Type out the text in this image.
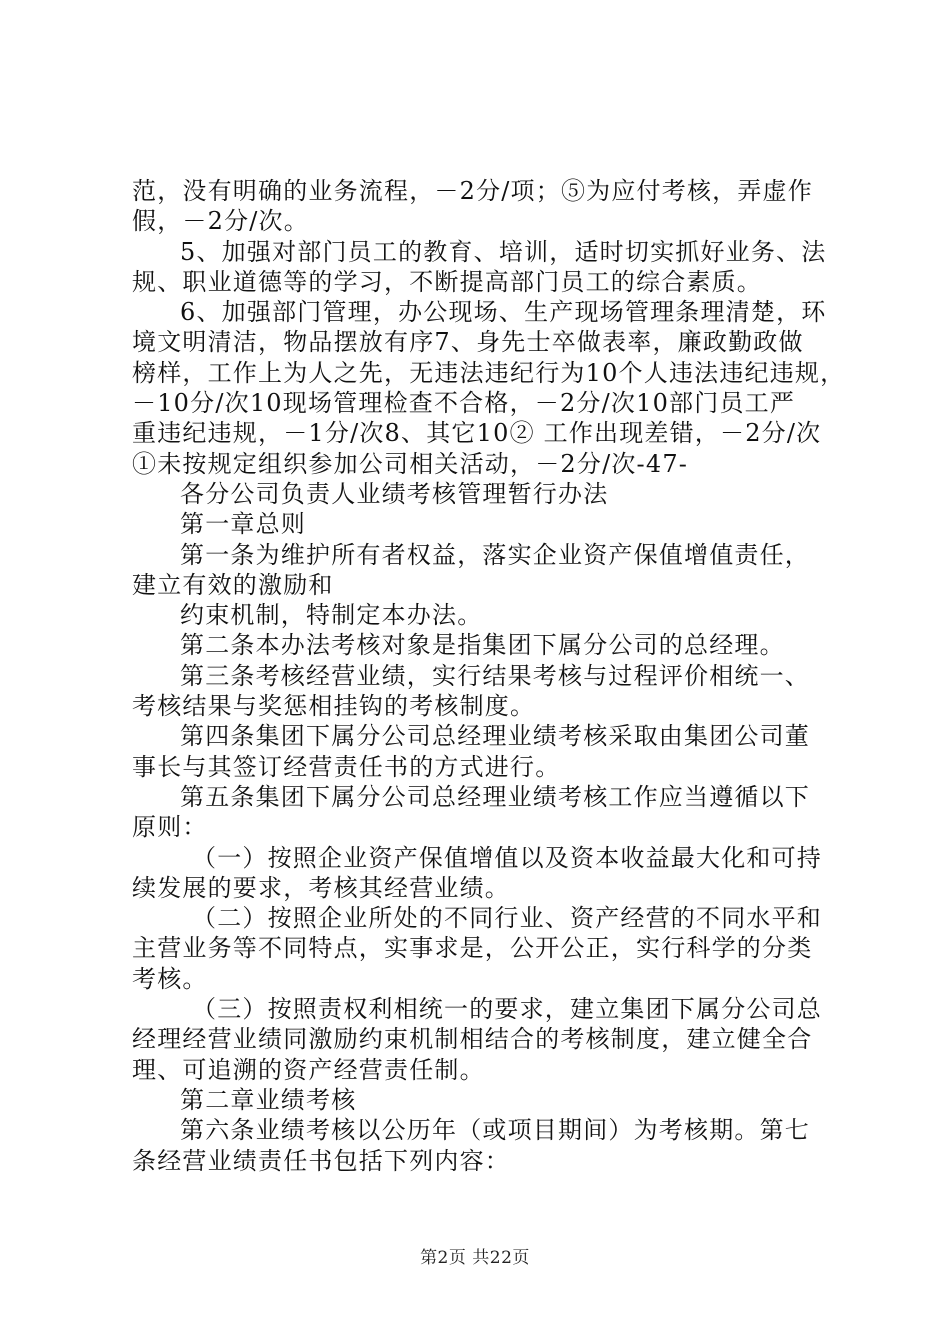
范，没有明确的业务流程，－2分/项；⑤为应付考核，弄虚作
假，－2分/次。
5、加强对部门员工的教育、培训，适时切实抓好业务、法
规、职业道德等的学习，不断提高部门员工的综合素质。
6、加强部门管理，办公现场、生产现场管理条理清楚，环
境文明清洁，物品摆放有序7、身先士卒做表率，廉政勤政做
榜样，工作上为人之先，无违法违纪行为10个人违法违纪违规，
－10分/次10现场管理检查不合格，－2分/次10部门员工严
重违纪违规，－1分/次8、其它10② 工作出现差错，－2分/次
①未按规定组织参加公司相关活动，－2分/次-47-
各分公司负责人业绩考核管理暂行办法
第一章总则
第一条为维护所有者权益，落实企业资产保值增值责任，
建立有效的激励和
约束机制，特制定本办法。
第二条本办法考核对象是指集团下属分公司的总经理。
第三条考核经营业绩，实行结果考核与过程评价相统一、
考核结果与奖惩相挂钩的考核制度。
第四条集团下属分公司总经理业绩考核采取由集团公司董
事长与其签订经营责任书的方式进行。
第五条集团下属分公司总经理业绩考核工作应当遵循以下
原则：
（一）按照企业资产保值增值以及资本收益最大化和可持
续发展的要求，考核其经营业绩。
（二）按照企业所处的不同行业、资产经营的不同水平和
主营业务等不同特点，实事求是，公开公正，实行科学的分类
考核。
（三）按照责权利相统一的要求，建立集团下属分公司总
经理经营业绩同激励约束机制相结合的考核制度，建立健全合
理、可追溯的资产经营责任制。
第二章业绩考核
第六条业绩考核以公历年（或项目期间）为考核期。第七
条经营业绩责任书包括下列内容：
第2页 共22页
